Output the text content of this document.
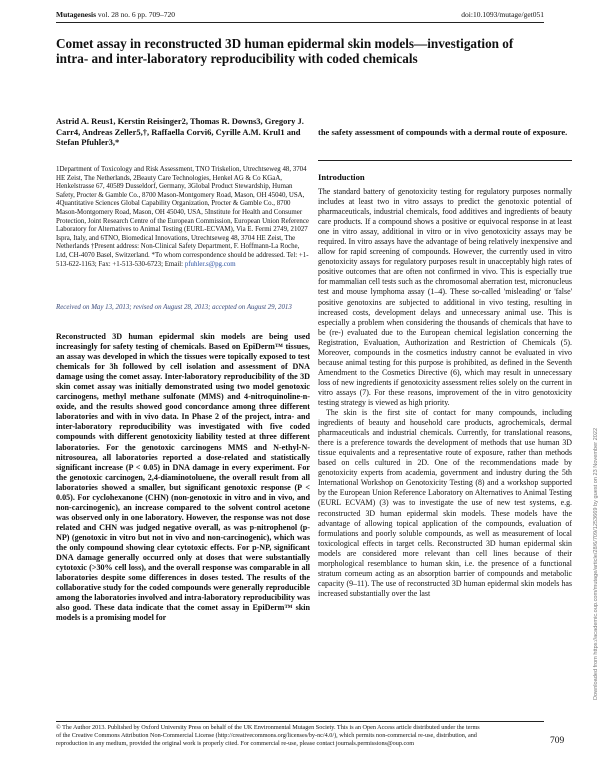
Mutagenesis vol. 28 no. 6 pp. 709–720	doi:10.1093/mutage/get051
Comet assay in reconstructed 3D human epidermal skin models—investigation of intra- and inter-laboratory reproducibility with coded chemicals

Astrid A. Reus1, Kerstin Reisinger2, Thomas R. Downs3, Gregory J. Carr4, Andreas Zeller5,†, Raffaella Corvi6, Cyrille A.M. Krul1 and Stefan Pfuhler3,*

1Department of Toxicology and Risk Assessment, TNO Triskelion, Utrechtseweg 48, 3704 HE Zeist, The Netherlands, 2Beauty Care Technologies, Henkel AG & Co KGaA, Henkelstrasse 67, 40589 Dusseldorf, Germany, 3Global Product Stewardship, Human Safety, Procter & Gamble Co., 8700 Mason-Montgomery Road, Mason, OH 45040, USA, 4Quantitative Sciences Global Capability Organization, Procter & Gamble Co., 8700 Mason-Montgomery Road, Mason, OH 45040, USA, 5Institute for Health and Consumer Protection, Joint Research Centre of the European Commission, European Union Reference Laboratory for Alternatives to Animal Testing (EURL-ECVAM), Via E. Fermi 2749, 21027 Ispra, Italy, and 6TNO, Biomedical Innovations, Utrechtseweg 48, 3704 HE Zeist, The Netherlands †Present address: Non-Clinical Safety Department, F. Hoffmann-La Roche, Ltd, CH-4070 Basel, Switzerland. *To whom correspondence should be addressed. Tel: +1-513-622-1163; Fax: +1-513-530-6723; Email: pfuhler.s@pg.com

Received on May 13, 2013; revised on August 28, 2013; accepted on August 29, 2013

Reconstructed 3D human epidermal skin models are being used increasingly for safety testing of chemicals. Based on EpiDerm™ tissues, an assay was developed in which the tissues were topically exposed to test chemicals for 3h followed by cell isolation and assessment of DNA damage using the comet assay. Inter-laboratory reproducibility of the 3D skin comet assay was initially demonstrated using two model genotoxic carcinogens, methyl methane sulfonate (MMS) and 4-nitroquinoline-n-oxide, and the results showed good concordance among three different laboratories and with in vivo data. In Phase 2 of the project, intra- and inter-laboratory reproducibility was investigated with five coded compounds with different genotoxicity liability tested at three different laboratories. For the genotoxic carcinogens MMS and N-ethyl-N-nitrosourea, all laboratories reported a dose-related and statistically significant increase (P < 0.05) in DNA damage in every experiment. For the genotoxic carcinogen, 2,4-diaminotoluene, the overall result from all laboratories showed a smaller, but significant genotoxic response (P < 0.05). For cyclohexanone (CHN) (non-genotoxic in vitro and in vivo, and non-carcinogenic), an increase compared to the solvent control acetone was observed only in one laboratory. However, the response was not dose related and CHN was judged negative overall, as was p-nitrophenol (p-NP) (genotoxic in vitro but not in vivo and non-carcinogenic), which was the only compound showing clear cytotoxic effects. For p-NP, significant DNA damage generally occurred only at doses that were substantially cytotoxic (>30% cell loss), and the overall response was comparable in all laboratories despite some differences in doses tested. The results of the collaborative study for the coded compounds were generally reproducible among the laboratories involved and intra-laboratory reproducibility was also good. These data indicate that the comet assay in EpiDerm™ skin models is a promising model for

the safety assessment of compounds with a dermal route of exposure.

Introduction

The standard battery of genotoxicity testing for regulatory purposes normally includes at least two in vitro assays to predict the genotoxic potential of pharmaceuticals, industrial chemicals, food additives and ingredients of beauty care products. If a compound shows a positive or equivocal response in at least one in vitro assay, additional in vitro or in vivo genotoxicity assays may be required. In vitro assays have the advantage of being relatively inexpensive and allow for rapid screening of compounds. However, the currently used in vitro genotoxicity assays for regulatory purposes result in unacceptably high rates of positive outcomes that are often not confirmed in vivo. This is especially true for mammalian cell tests such as the chromosomal aberration test, micronucleus test and mouse lymphoma assay (1–4). These so-called 'misleading' or 'false' positive genotoxins are subjected to additional in vivo testing, resulting in increased costs, development delays and unnecessary animal use. This is especially a problem when considering the thousands of chemicals that have to be (re-) evaluated due to the European chemical legislation concerning the Registration, Evaluation, Authorization and Restriction of Chemicals (5). Moreover, compounds in the cosmetics industry cannot be evaluated in vivo because animal testing for this purpose is prohibited, as defined in the Seventh Amendment to the Cosmetics Directive (6), which may result in unnecessary loss of new ingredients if genotoxicity assessment relies solely on the current in vitro assays (7). For these reasons, improvement of the in vitro genotoxicity testing strategy is viewed as high priority.

The skin is the first site of contact for many compounds, including ingredients of beauty and household care products, agrochemicals, dermal pharmaceuticals and industrial chemicals. Currently, for translational reasons, there is a preference towards the development of methods that use human 3D tissue equivalents and a representative route of exposure, rather than methods based on cells cultured in 2D. One of the recommendations made by genotoxicity experts from academia, government and industry during the 5th International Workshop on Genotoxicity Testing (8) and a workshop supported by the European Union Reference Laboratory on Alternatives to Animal Testing (EURL ECVAM) (3) was to investigate the use of new test systems, e.g. reconstructed 3D human epidermal skin models. These models have the advantage of allowing topical application of the compounds, evaluation of formulations and poorly soluble compounds, as well as measurement of local toxicological effects in target cells. Reconstructed 3D human epidermal skin models are considered more relevant than cell lines because of their morphological resemblance to human skin, i.e. the presence of a functional stratum corneum acting as an absorption barrier of compounds and metabolic capacity (9–11). The use of reconstructed 3D human epidermal skin models has increased substantially over the last

© The Author 2013. Published by Oxford University Press on behalf of the UK Environmental Mutagen Society. This is an Open Access article distributed under the terms of the Creative Commons Attribution Non-Commercial License (http://creativecommons.org/licenses/by-nc/4.0/), which permits non-commercial re-use, distribution, and reproduction in any medium, provided the original work is properly cited. For commercial re-use, please contact journals.permissions@oup.com	709
Downloaded from https://academic.oup.com/mutage/article/28/6/709/1253669 by guest on 23 November 2022
